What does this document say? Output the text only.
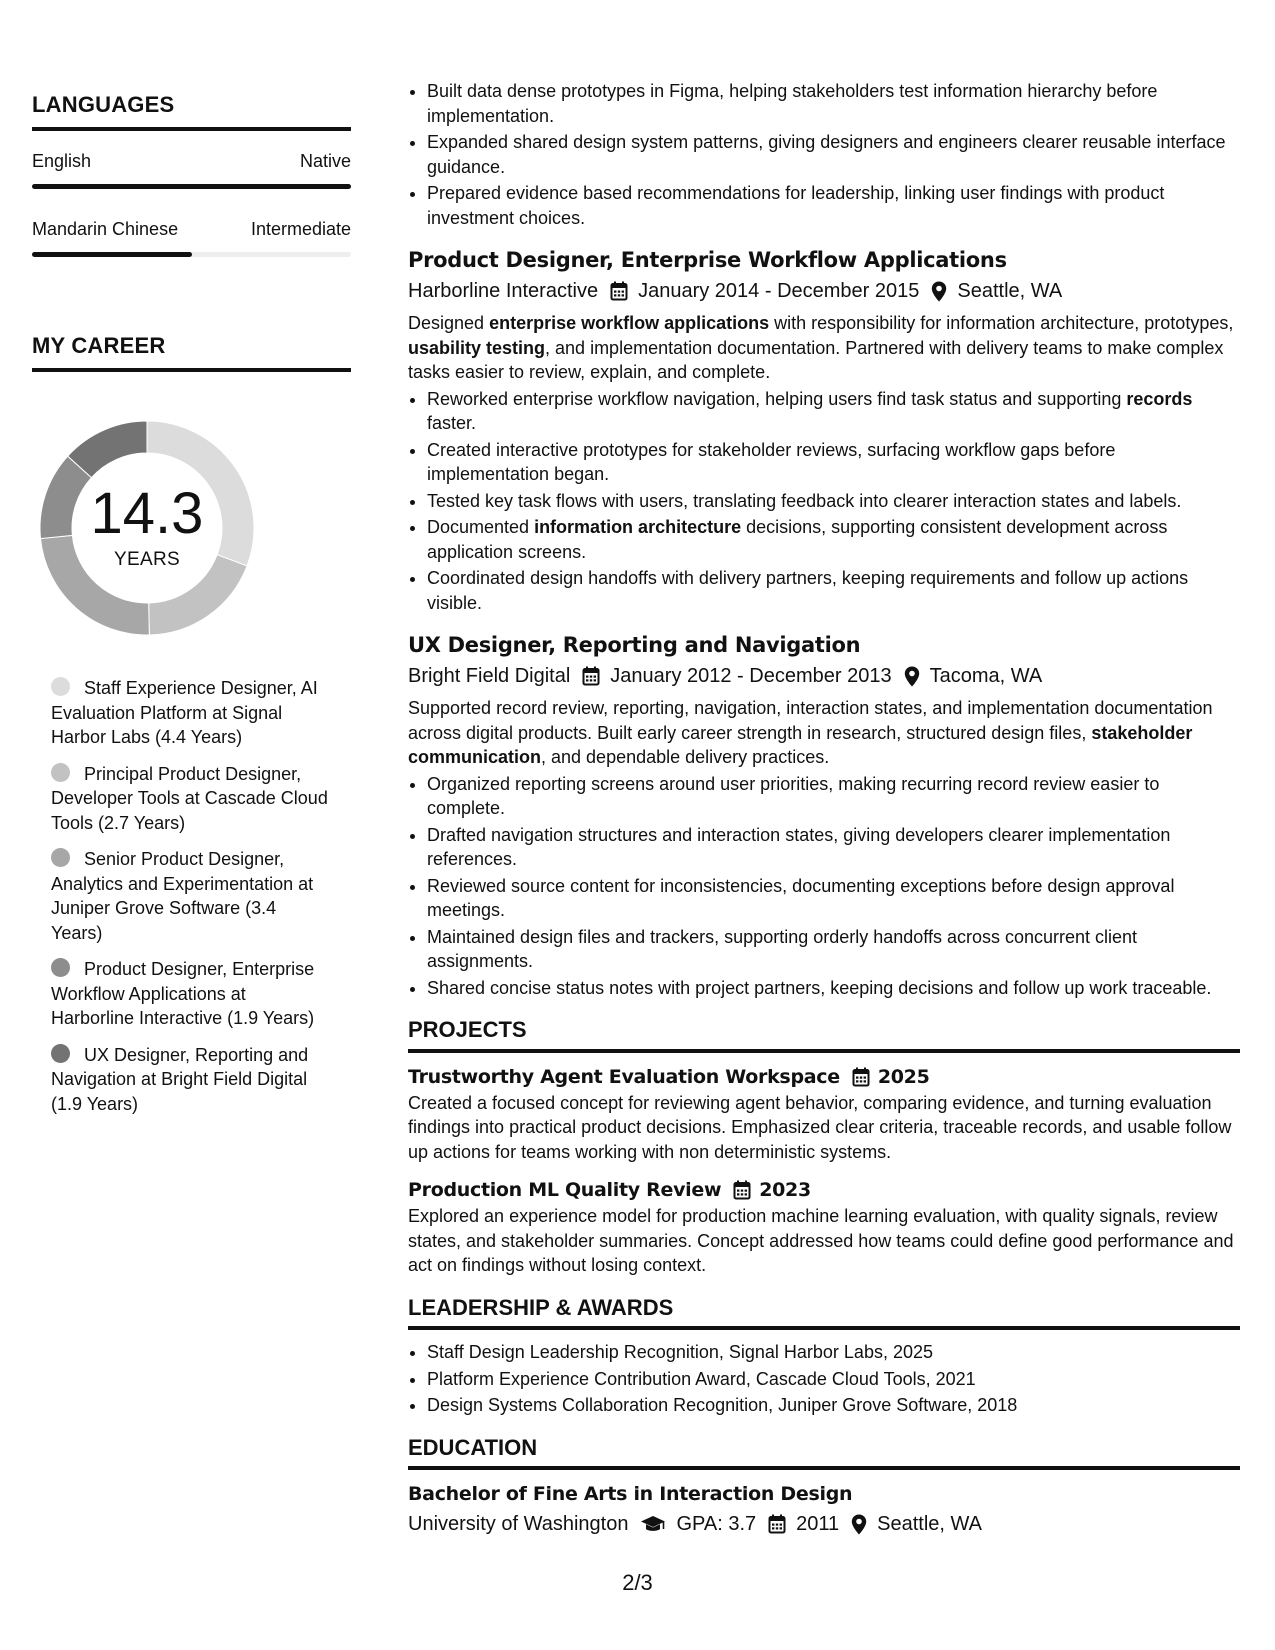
LANGUAGES
English	Native
Mandarin Chinese	Intermediate
MY CAREER
14.3
YEARS
Staff Experience Designer, AI Evaluation Platform at Signal Harbor Labs (4.4 Years)
Principal Product Designer, Developer Tools at Cascade Cloud Tools (2.7 Years)
Senior Product Designer, Analytics and Experimentation at Juniper Grove Software (3.4 Years)
Product Designer, Enterprise Workflow Applications at Harborline Interactive (1.9 Years)
UX Designer, Reporting and Navigation at Bright Field Digital (1.9 Years)
• Built data dense prototypes in Figma, helping stakeholders test information hierarchy before implementation.
• Expanded shared design system patterns, giving designers and engineers clearer reusable interface guidance.
• Prepared evidence based recommendations for leadership, linking user findings with product investment choices.
Product Designer, Enterprise Workflow Applications
Harborline Interactive January 2014 - December 2015 Seattle, WA
Designed enterprise workflow applications with responsibility for information architecture, prototypes, usability testing, and implementation documentation. Partnered with delivery teams to make complex tasks easier to review, explain, and complete.
• Reworked enterprise workflow navigation, helping users find task status and supporting records faster.
• Created interactive prototypes for stakeholder reviews, surfacing workflow gaps before implementation began.
• Tested key task flows with users, translating feedback into clearer interaction states and labels.
• Documented information architecture decisions, supporting consistent development across application screens.
• Coordinated design handoffs with delivery partners, keeping requirements and follow up actions visible.
UX Designer, Reporting and Navigation
Bright Field Digital January 2012 - December 2013 Tacoma, WA
Supported record review, reporting, navigation, interaction states, and implementation documentation across digital products. Built early career strength in research, structured design files, stakeholder communication, and dependable delivery practices.
• Organized reporting screens around user priorities, making recurring record review easier to complete.
• Drafted navigation structures and interaction states, giving developers clearer implementation references.
• Reviewed source content for inconsistencies, documenting exceptions before design approval meetings.
• Maintained design files and trackers, supporting orderly handoffs across concurrent client assignments.
• Shared concise status notes with project partners, keeping decisions and follow up work traceable.
PROJECTS
Trustworthy Agent Evaluation Workspace 2025
Created a focused concept for reviewing agent behavior, comparing evidence, and turning evaluation findings into practical product decisions. Emphasized clear criteria, traceable records, and usable follow up actions for teams working with non deterministic systems.
Production ML Quality Review 2023
Explored an experience model for production machine learning evaluation, with quality signals, review states, and stakeholder summaries. Concept addressed how teams could define good performance and act on findings without losing context.
LEADERSHIP & AWARDS
• Staff Design Leadership Recognition, Signal Harbor Labs, 2025
• Platform Experience Contribution Award, Cascade Cloud Tools, 2021
• Design Systems Collaboration Recognition, Juniper Grove Software, 2018
EDUCATION
Bachelor of Fine Arts in Interaction Design
University of Washington GPA: 3.7 2011 Seattle, WA
2/3
